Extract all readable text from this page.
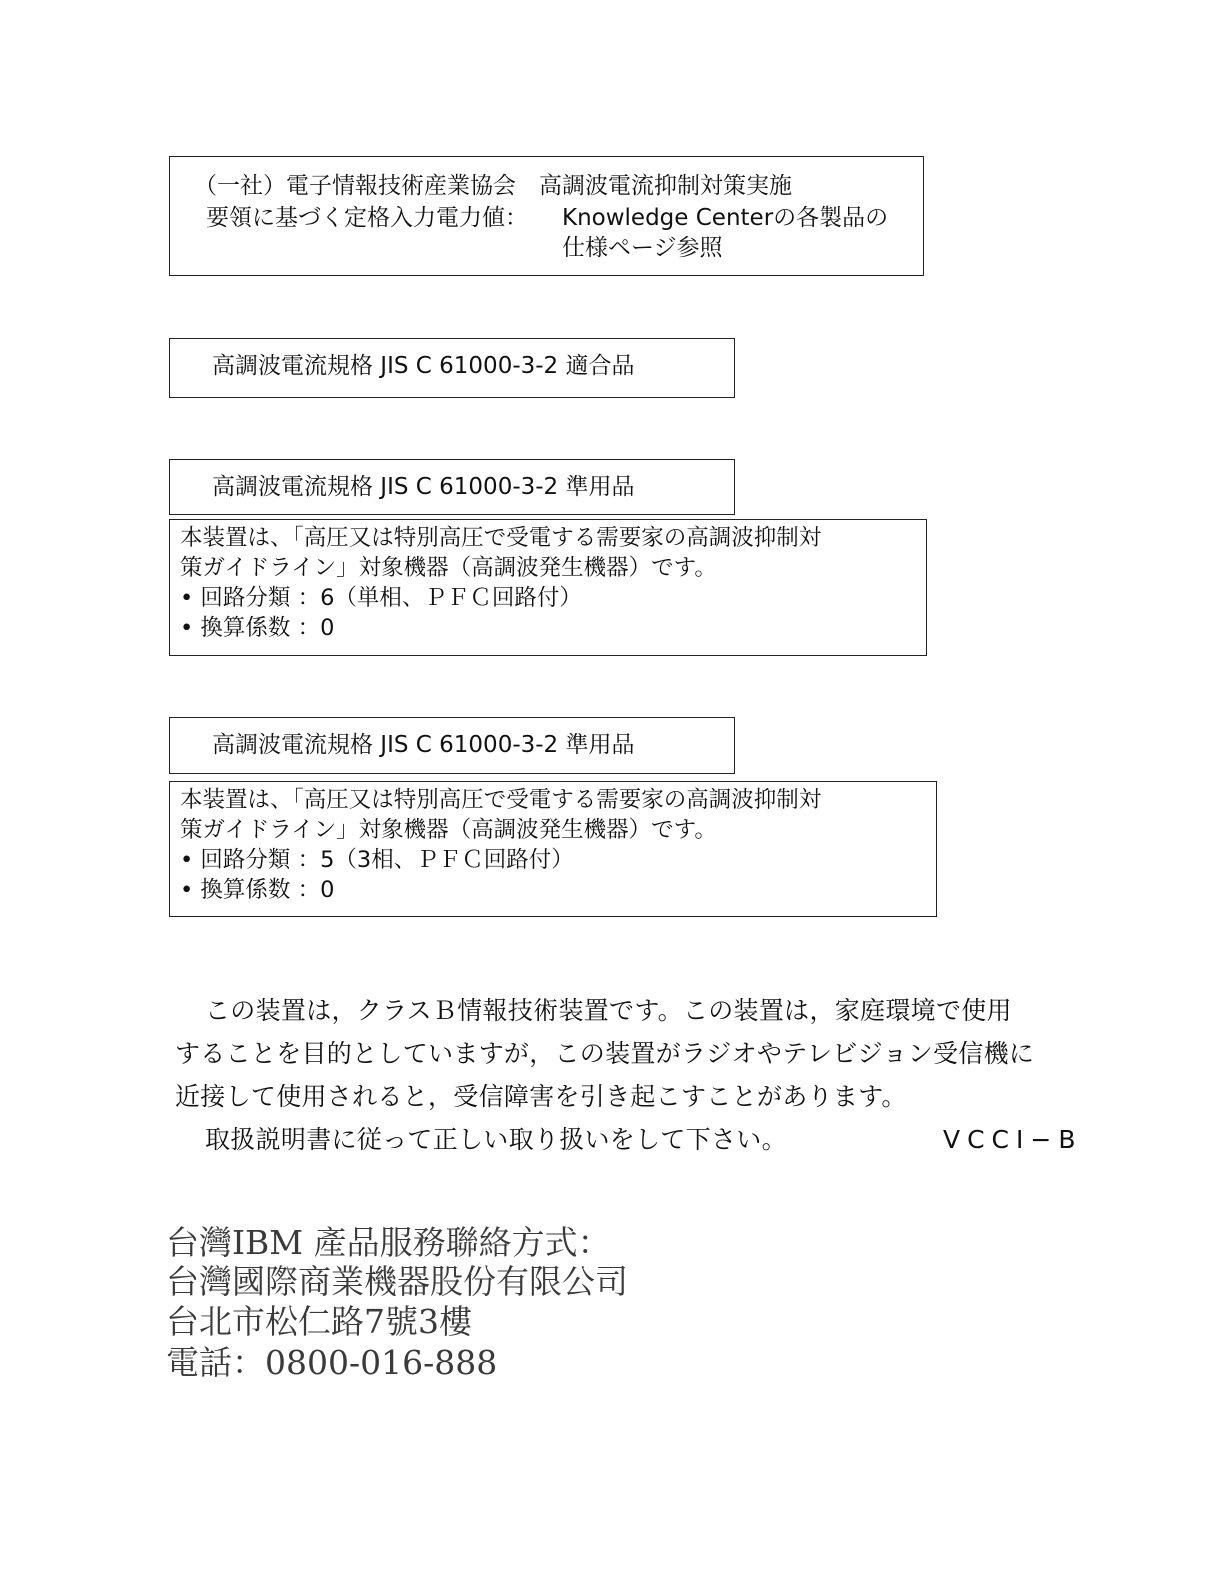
（一社）電子情報技術産業協会　高調波電流抑制対策実施
要領に基づく定格入力電力値： Knowledge Centerの各製品の
仕様ページ参照
高調波電流規格 JIS C 61000-3-2 適合品
高調波電流規格 JIS C 61000-3-2 準用品
本装置は、「高圧又は特別高圧で受電する需要家の高調波抑制対
策ガイドライン」対象機器（高調波発生機器）です。
• 回路分類 ：6（単相、ＰＦＣ回路付）
• 換算係数 ：0
高調波電流規格 JIS C 61000-3-2 準用品
本装置は、「高圧又は特別高圧で受電する需要家の高調波抑制対
策ガイドライン」対象機器（高調波発生機器）です。
• 回路分類 ：5（3相、ＰＦＣ回路付）
• 換算係数 ：0
この装置は，クラスＢ情報技術装置です。この装置は，家庭環境で使用
することを目的としていますが，この装置がラジオやテレビジョン受信機に
近接して使用されると，受信障害を引き起こすことがあります。
取扱説明書に従って正しい取り扱いをして下さい。	VCCI−B
台灣IBM 產品服務聯絡方式：
台灣國際商業機器股份有限公司
台北市松仁路7號3樓
電話：0800-016-888
